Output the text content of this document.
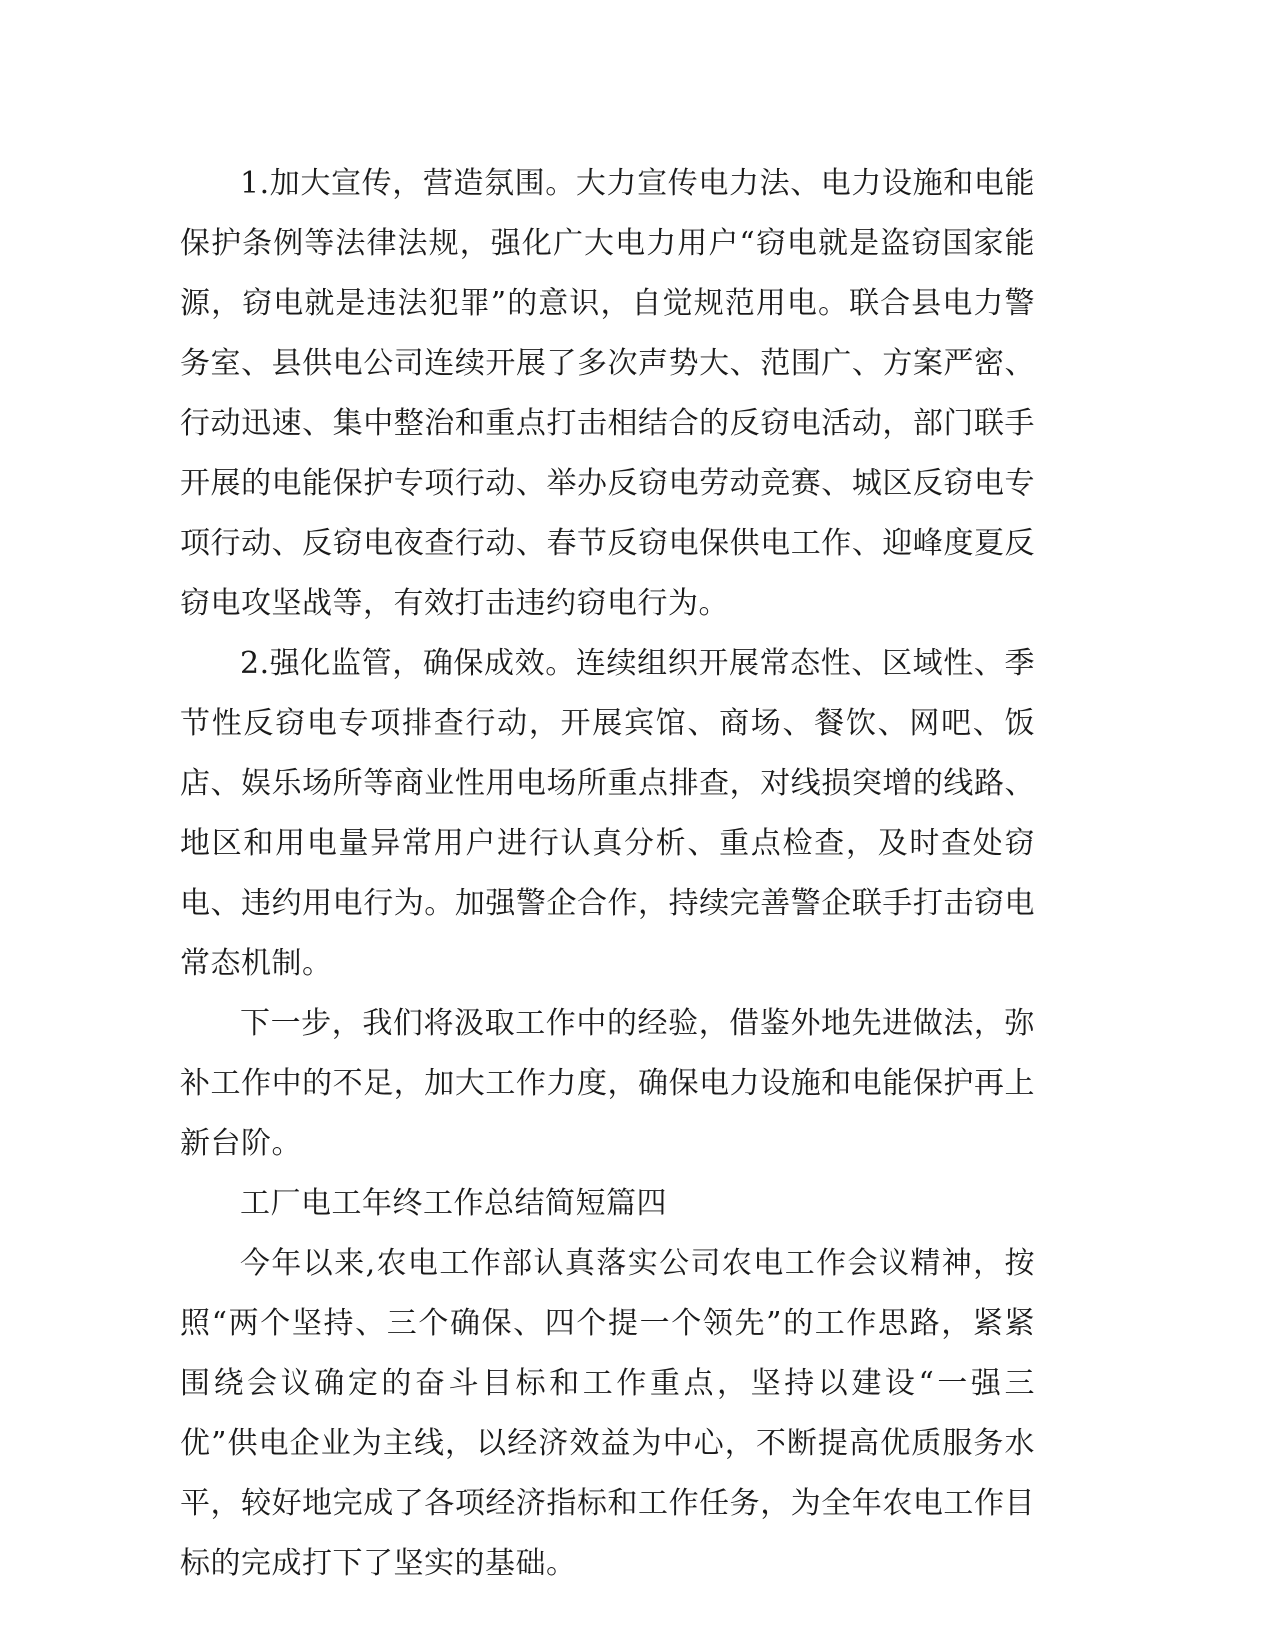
1.加大宣传，营造氛围。大力宣传电力法、电力设施和电能保护条例等法律法规，强化广大电力用户“窃电就是盗窃国家能源，窃电就是违法犯罪”的意识，自觉规范用电。联合县电力警务室、县供电公司连续开展了多次声势大、范围广、方案严密、行动迅速、集中整治和重点打击相结合的反窃电活动，部门联手开展的电能保护专项行动、举办反窃电劳动竞赛、城区反窃电专项行动、反窃电夜查行动、春节反窃电保供电工作、迎峰度夏反窃电攻坚战等，有效打击违约窃电行为。

2.强化监管，确保成效。连续组织开展常态性、区域性、季节性反窃电专项排查行动，开展宾馆、商场、餐饮、网吧、饭店、娱乐场所等商业性用电场所重点排查，对线损突增的线路、地区和用电量异常用户进行认真分析、重点检查，及时查处窃电、违约用电行为。加强警企合作，持续完善警企联手打击窃电常态机制。

下一步，我们将汲取工作中的经验，借鉴外地先进做法，弥补工作中的不足，加大工作力度，确保电力设施和电能保护再上新台阶。

工厂电工年终工作总结简短篇四

今年以来,农电工作部认真落实公司农电工作会议精神，按照“两个坚持、三个确保、四个提一个领先”的工作思路，紧紧围绕会议确定的奋斗目标和工作重点，坚持以建设“一强三优”供电企业为主线，以经济效益为中心，不断提高优质服务水平，较好地完成了各项经济指标和工作任务，为全年农电工作目标的完成打下了坚实的基础。
